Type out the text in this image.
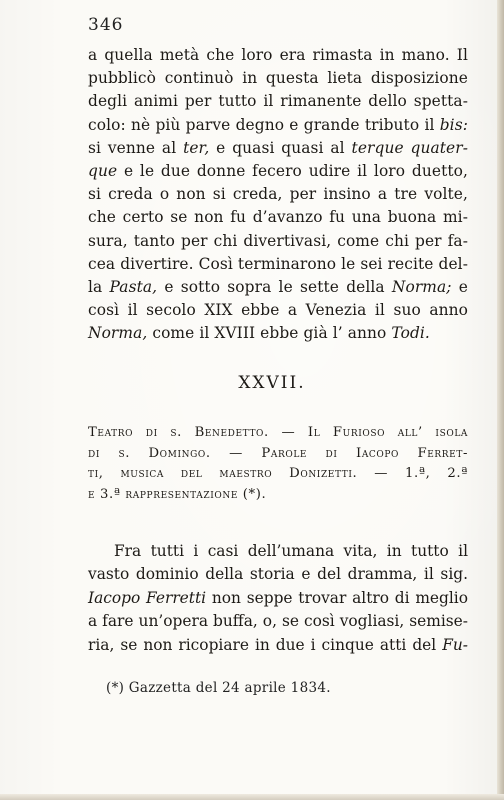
346
a quella metà che loro era rimasta in mano. Il
pubblicò continuò in questa lieta disposizione
degli animi per tutto il rimanente dello spetta-
colo: nè più parve degno e grande tributo il bis:
si venne al ter, e quasi quasi al terque quater-
que e le due donne fecero udire il loro duetto,
si creda o non si creda, per insino a tre volte,
che certo se non fu d’avanzo fu una buona mi-
sura, tanto per chi divertivasi, come chi per fa-
cea divertire. Così terminarono le sei recite del-
la Pasta, e sotto sopra le sette della Norma; e
così il secolo XIX ebbe a Venezia il suo anno
Norma, come il XVIII ebbe già l’ anno Todi.
XXVII.
Teatro di s. Benedetto. — Il Furioso all’ isola
di s. Domingo. — Parole di Iacopo Ferret-
ti, musica del maestro Donizetti. — 1.ª, 2.ª
e 3.ª rappresentazione (*).
Fra tutti i casi dell’umana vita, in tutto il
vasto dominio della storia e del dramma, il sig.
Iacopo Ferretti non seppe trovar altro di meglio
a fare un’opera buffa, o, se così vogliasi, semise-
ria, se non ricopiare in due i cinque atti del Fu-
(*) Gazzetta del 24 aprile 1834.
